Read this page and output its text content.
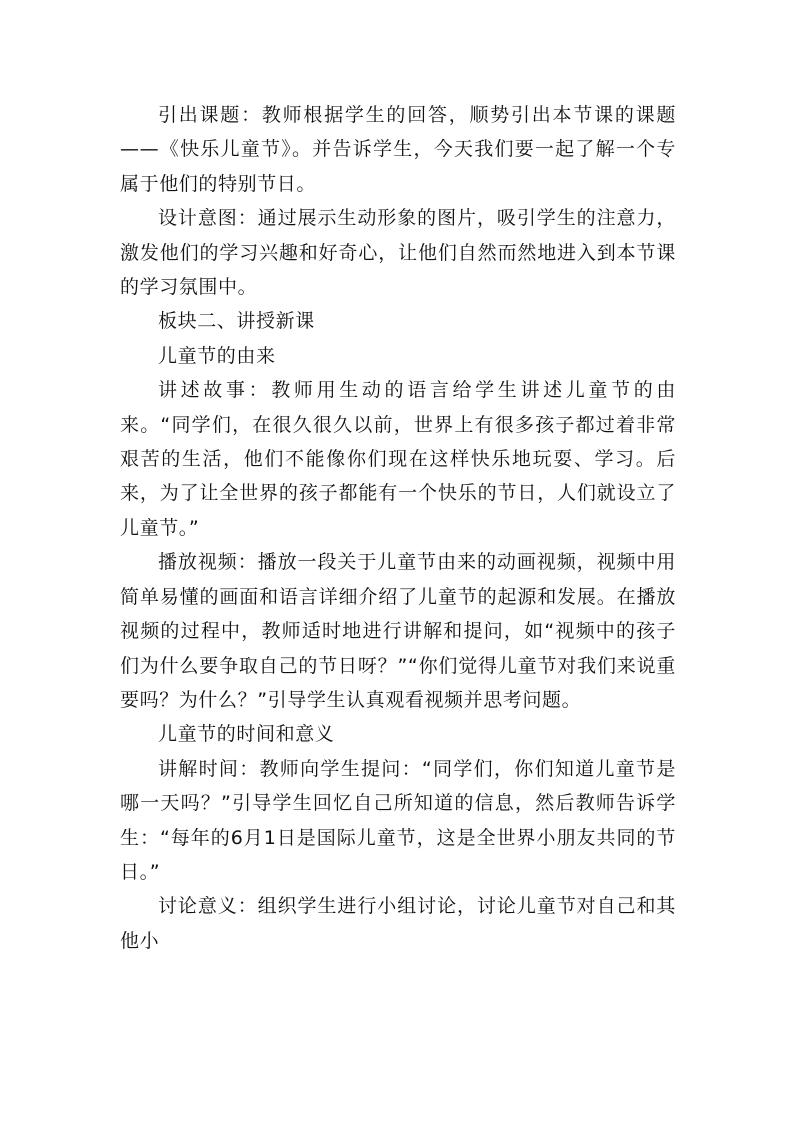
引出课题：教师根据学生的回答，顺势引出本节课的课题——《快乐儿童节》。并告诉学生，今天我们要一起了解一个专属于他们的特别节日。

设计意图：通过展示生动形象的图片，吸引学生的注意力，激发他们的学习兴趣和好奇心，让他们自然而然地进入到本节课的学习氛围中。

板块二、讲授新课

儿童节的由来

讲述故事：教师用生动的语言给学生讲述儿童节的由来。“同学们，在很久很久以前，世界上有很多孩子都过着非常艰苦的生活，他们不能像你们现在这样快乐地玩耍、学习。后来，为了让全世界的孩子都能有一个快乐的节日，人们就设立了儿童节。”

播放视频：播放一段关于儿童节由来的动画视频，视频中用简单易懂的画面和语言详细介绍了儿童节的起源和发展。在播放视频的过程中，教师适时地进行讲解和提问，如“视频中的孩子们为什么要争取自己的节日呀？”“你们觉得儿童节对我们来说重要吗？为什么？”引导学生认真观看视频并思考问题。

儿童节的时间和意义

讲解时间：教师向学生提问：“同学们，你们知道儿童节是哪一天吗？”引导学生回忆自己所知道的信息，然后教师告诉学生：“每年的6月1日是国际儿童节，这是全世界小朋友共同的节日。”

讨论意义：组织学生进行小组讨论，讨论儿童节对自己和其他小
